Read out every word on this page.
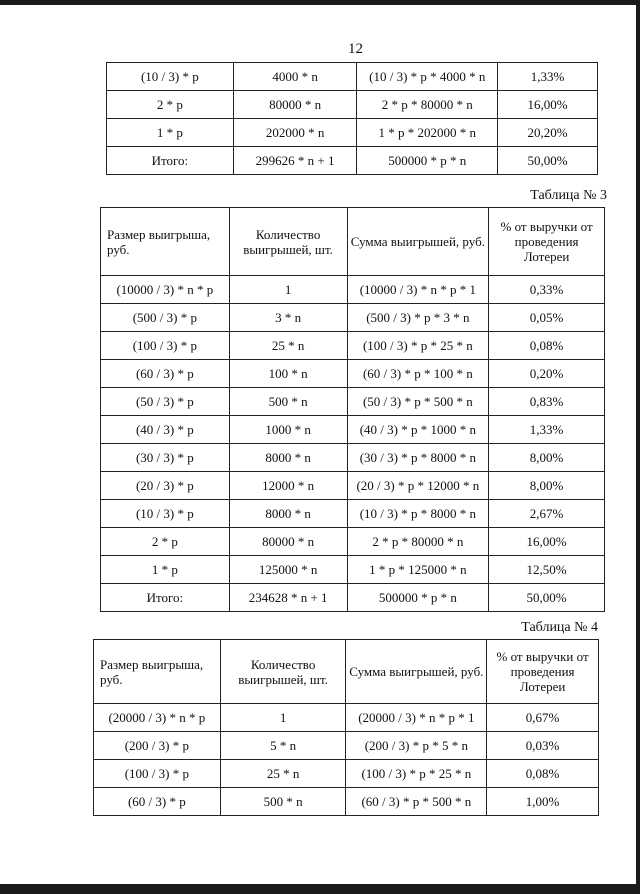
12
(10 / 3) * p	4000 * n	(10 / 3) * p * 4000 * n	1,33%
2 * p	80000 * n	2 * p * 80000 * n	16,00%
1 * p	202000 * n	1 * p * 202000 * n	20,20%
Итого:	299626 * n + 1	500000 * p * n	50,00%
Таблица № 3
Размер выигрыша, руб.	Количество выигрышей, шт.	Сумма выигрышей, руб.	% от выручки от проведения Лотереи
(10000 / 3) * n * p	1	(10000 / 3) * n * p * 1	0,33%
(500 / 3) * p	3 * n	(500 / 3) * p * 3 * n	0,05%
(100 / 3) * p	25 * n	(100 / 3) * p * 25 * n	0,08%
(60 / 3) * p	100 * n	(60 / 3) * p * 100 * n	0,20%
(50 / 3) * p	500 * n	(50 / 3) * p * 500 * n	0,83%
(40 / 3) * p	1000 * n	(40 / 3) * p * 1000 * n	1,33%
(30 / 3) * p	8000 * n	(30 / 3) * p * 8000 * n	8,00%
(20 / 3) * p	12000 * n	(20 / 3) * p * 12000 * n	8,00%
(10 / 3) * p	8000 * n	(10 / 3) * p * 8000 * n	2,67%
2 * p	80000 * n	2 * p * 80000 * n	16,00%
1 * p	125000 * n	1 * p * 125000 * n	12,50%
Итого:	234628 * n + 1	500000 * p * n	50,00%
Таблица № 4
Размер выигрыша, руб.	Количество выигрышей, шт.	Сумма выигрышей, руб.	% от выручки от проведения Лотереи
(20000 / 3) * n * p	1	(20000 / 3) * n * p * 1	0,67%
(200 / 3) * p	5 * n	(200 / 3) * p * 5 * n	0,03%
(100 / 3) * p	25 * n	(100 / 3) * p * 25 * n	0,08%
(60 / 3) * p	500 * n	(60 / 3) * p * 500 * n	1,00%
